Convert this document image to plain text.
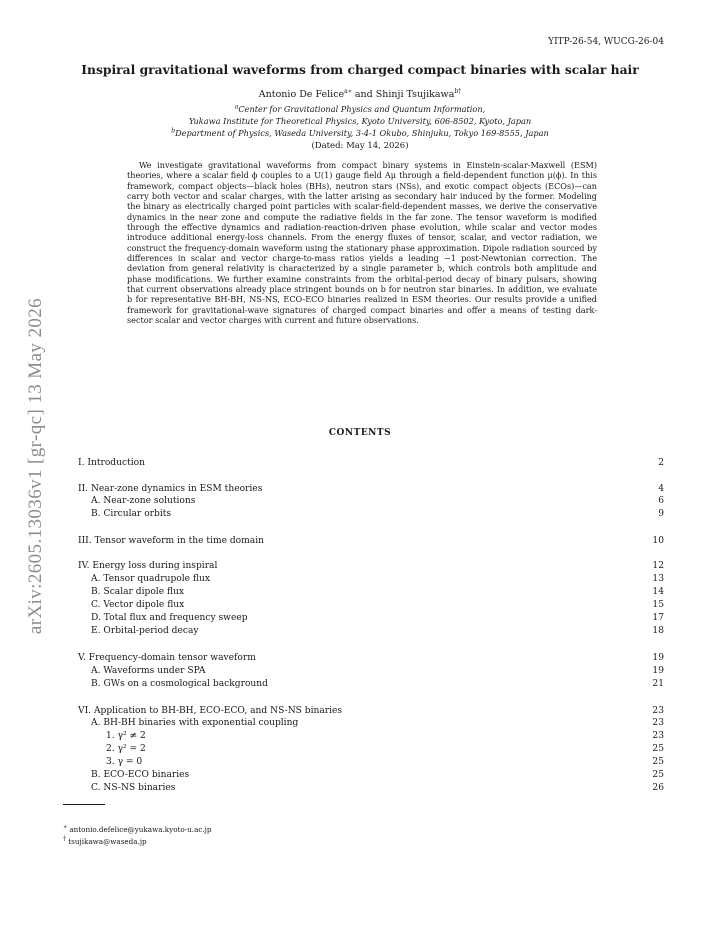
YITP-26-54, WUCG-26-04
arXiv:2605.13036v1 [gr-qc] 13 May 2026
Inspiral gravitational waveforms from charged compact binaries with scalar hair
Antonio De Felice$^{a∗}$ and Shinji Tsujikawa$^{b\dagger}$
$^a$Center for Gravitational Physics and Quantum Information,
Yukawa Institute for Theoretical Physics, Kyoto University, 606-8502, Kyoto, Japan
$^b$Department of Physics, Waseda University, 3-4-1 Okubo, Shinjuku, Tokyo 169-8555, Japan
(Dated: May 14, 2026)

We investigate gravitational waveforms from compact binary systems in Einstein-scalar-Maxwell (ESM) theories, where a scalar field ϕ couples to a U(1) gauge field Aμ through a field-dependent function μ(ϕ). In this framework, compact objects—black holes (BHs), neutron stars (NSs), and exotic compact objects (ECOs)—can carry both vector and scalar charges, with the latter arising as secondary hair induced by the former. Modeling the binary as electrically charged point particles with scalar-field-dependent masses, we derive the conservative dynamics in the near zone and compute the radiative fields in the far zone. The tensor waveform is modified through the effective dynamics and radiation-reaction-driven phase evolution, while scalar and vector modes introduce additional energy-loss channels. From the energy fluxes of tensor, scalar, and vector radiation, we construct the frequency-domain waveform using the stationary phase approximation. Dipole radiation sourced by differences in scalar and vector charge-to-mass ratios yields a leading −1 post-Newtonian correction. The deviation from general relativity is characterized by a single parameter b, which controls both amplitude and phase modifications. We further examine constraints from the orbital-period decay of binary pulsars, showing that current observations already place stringent bounds on b for neutron star binaries. In addition, we evaluate b for representative BH-BH, NS-NS, ECO-ECO binaries realized in ESM theories. Our results provide a unified framework for gravitational-wave signatures of charged compact binaries and offer a means of testing dark-sector scalar and vector charges with current and future observations.

CONTENTS
I. Introduction	2
II. Near-zone dynamics in ESM theories	4
A. Near-zone solutions	6
B. Circular orbits	9
III. Tensor waveform in the time domain	10
IV. Energy loss during inspiral	12
A. Tensor quadrupole flux	13
B. Scalar dipole flux	14
C. Vector dipole flux	15
D. Total flux and frequency sweep	17
E. Orbital-period decay	18
V. Frequency-domain tensor waveform	19
A. Waveforms under SPA	19
B. GWs on a cosmological background	21
VI. Application to BH-BH, ECO-ECO, and NS-NS binaries	23
A. BH-BH binaries with exponential coupling	23
1. γ² ≠ 2	23
2. γ² = 2	25
3. γ = 0	25
B. ECO-ECO binaries	25
C. NS-NS binaries	26
∗ antonio.defelice@yukawa.kyoto-u.ac.jp
† tsujikawa@waseda.jp
